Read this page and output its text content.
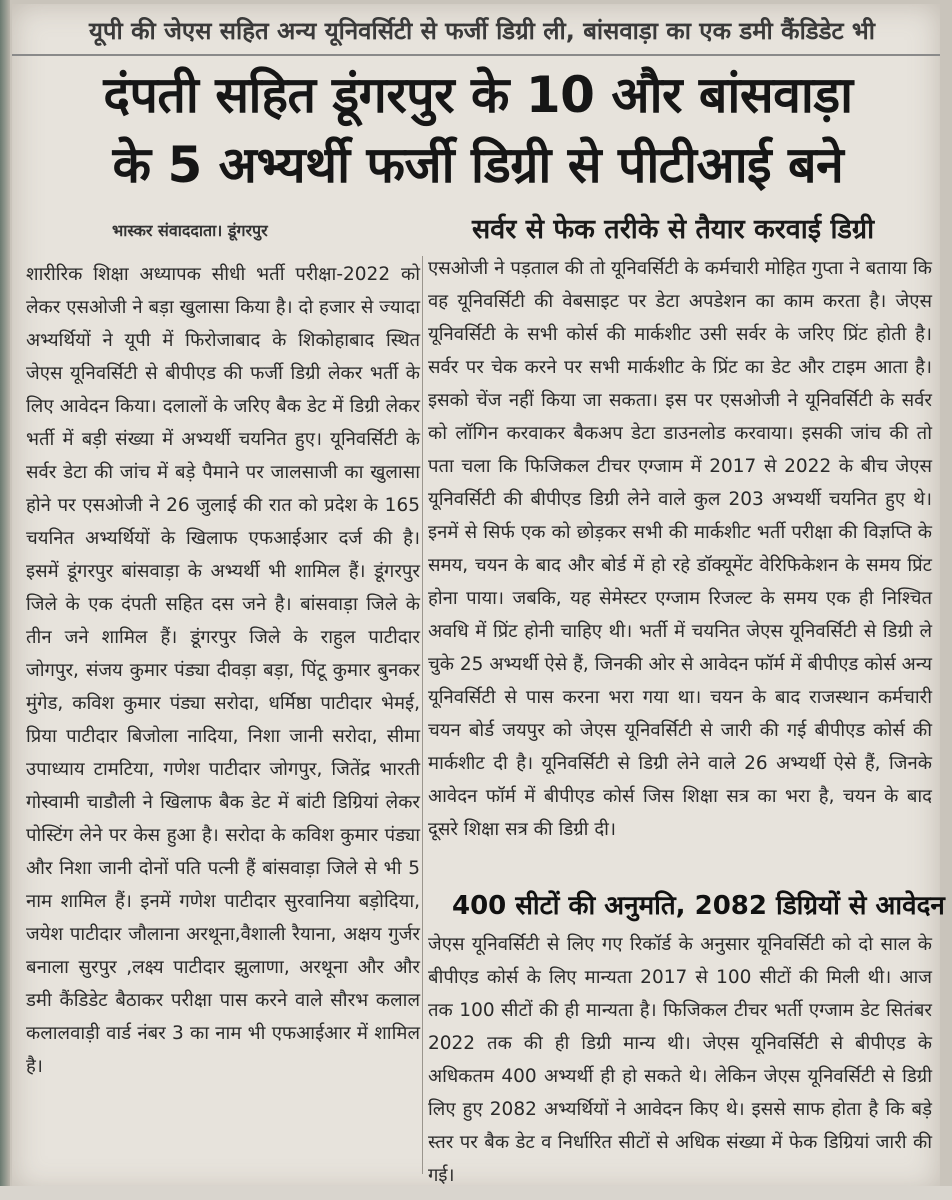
यूपी की जेएस सहित अन्य यूनिवर्सिटी से फर्जी डिग्री ली, बांसवाड़ा का एक डमी कैंडिडेट भी
दंपती सहित डूंगरपुर के 10 और बांसवाड़ा
के 5 अभ्यर्थी फर्जी डिग्री से पीटीआई बने
भास्कर संवाददाता। डूंगरपुर	सर्वर से फेक तरीके से तैयार करवाई डिग्री
शारीरिक शिक्षा अध्यापक सीधी भर्ती परीक्षा-2022 को लेकर एसओजी ने बड़ा खुलासा किया है। दो हजार से ज्यादा अभ्यर्थियों ने यूपी में फिरोजाबाद के शिकोहाबाद स्थित जेएस यूनिवर्सिटी से बीपीएड की फर्जी डिग्री लेकर भर्ती के लिए आवेदन किया। दलालों के जरिए बैक डेट में डिग्री लेकर भर्ती में बड़ी संख्या में अभ्यर्थी चयनित हुए। यूनिवर्सिटी के सर्वर डेटा की जांच में बड़े पैमाने पर जालसाजी का खुलासा होने पर एसओजी ने 26 जुलाई की रात को प्रदेश के 165 चयनित अभ्यर्थियों के खिलाफ एफआईआर दर्ज की है। इसमें डूंगरपुर बांसवाड़ा के अभ्यर्थी भी शामिल हैं। डूंगरपुर जिले के एक दंपती सहित दस जने है। बांसवाड़ा जिले के तीन जने शामिल हैं। डूंगरपुर जिले के राहुल पाटीदार जोगपुर, संजय कुमार पंड्या दीवड़ा बड़ा, पिंटू कुमार बुनकर मुंगेड, कविश कुमार पंड्या सरोदा, धर्मिष्ठा पाटीदार भेमई, प्रिया पाटीदार बिजोला नादिया, निशा जानी सरोदा, सीमा उपाध्याय टामटिया, गणेश पाटीदार जोगपुर, जितेंद्र भारती गोस्वामी चाडौली ने खिलाफ बैक डेट में बांटी डिग्रियां लेकर पोस्टिंग लेने पर केस हुआ है। सरोदा के कविश कुमार पंड्या और निशा जानी दोनों पति पत्नी हैं बांसवाड़ा जिले से भी 5 नाम शामिल हैं। इनमें गणेश पाटीदार सुरवानिया बड़ोदिया, जयेश पाटीदार जौलाना अरथूना,वैशाली रैयाना, अक्षय गुर्जर बनाला सुरपुर ,लक्ष्य पाटीदार झुलाणा, अरथूना और और डमी कैंडिडेट बैठाकर परीक्षा पास करने वाले सौरभ कलाल कलालवाड़ी वार्ड नंबर 3 का नाम भी एफआईआर में शामिल है।
एसओजी ने पड़ताल की तो यूनिवर्सिटी के कर्मचारी मोहित गुप्ता ने बताया कि वह यूनिवर्सिटी की वेबसाइट पर डेटा अपडेशन का काम करता है। जेएस यूनिवर्सिटी के सभी कोर्स की मार्कशीट उसी सर्वर के जरिए प्रिंट होती है। सर्वर पर चेक करने पर सभी मार्कशीट के प्रिंट का डेट और टाइम आता है। इसको चेंज नहीं किया जा सकता। इस पर एसओजी ने यूनिवर्सिटी के सर्वर को लॉगिन करवाकर बैकअप डेटा डाउनलोड करवाया। इसकी जांच की तो पता चला कि फिजिकल टीचर एग्जाम में 2017 से 2022 के बीच जेएस यूनिवर्सिटी की बीपीएड डिग्री लेने वाले कुल 203 अभ्यर्थी चयनित हुए थे। इनमें से सिर्फ एक को छोड़कर सभी की मार्कशीट भर्ती परीक्षा की विज्ञप्ति के समय, चयन के बाद और बोर्ड में हो रहे डॉक्यूमेंट वेरिफिकेशन के समय प्रिंट होना पाया। जबकि, यह सेमेस्टर एग्जाम रिजल्ट के समय एक ही निश्चित अवधि में प्रिंट होनी चाहिए थी। भर्ती में चयनित जेएस यूनिवर्सिटी से डिग्री ले चुके 25 अभ्यर्थी ऐसे हैं, जिनकी ओर से आवेदन फॉर्म में बीपीएड कोर्स अन्य यूनिवर्सिटी से पास करना भरा गया था। चयन के बाद राजस्थान कर्मचारी चयन बोर्ड जयपुर को जेएस यूनिवर्सिटी से जारी की गई बीपीएड कोर्स की मार्कशीट दी है। यूनिवर्सिटी से डिग्री लेने वाले 26 अभ्यर्थी ऐसे हैं, जिनके आवेदन फॉर्म में बीपीएड कोर्स जिस शिक्षा सत्र का भरा है, चयन के बाद दूसरे शिक्षा सत्र की डिग्री दी।
400 सीटों की अनुमति, 2082 डिग्रियों से आवेदन
जेएस यूनिवर्सिटी से लिए गए रिकॉर्ड के अनुसार यूनिवर्सिटी को दो साल के बीपीएड कोर्स के लिए मान्यता 2017 से 100 सीटों की मिली थी। आज तक 100 सीटों की ही मान्यता है। फिजिकल टीचर भर्ती एग्जाम डेट सितंबर 2022 तक की ही डिग्री मान्य थी। जेएस यूनिवर्सिटी से बीपीएड के अधिकतम 400 अभ्यर्थी ही हो सकते थे। लेकिन जेएस यूनिवर्सिटी से डिग्री लिए हुए 2082 अभ्यर्थियों ने आवेदन किए थे। इससे साफ होता है कि बड़े स्तर पर बैक डेट व निर्धारित सीटों से अधिक संख्या में फेक डिग्रियां जारी की गई।
